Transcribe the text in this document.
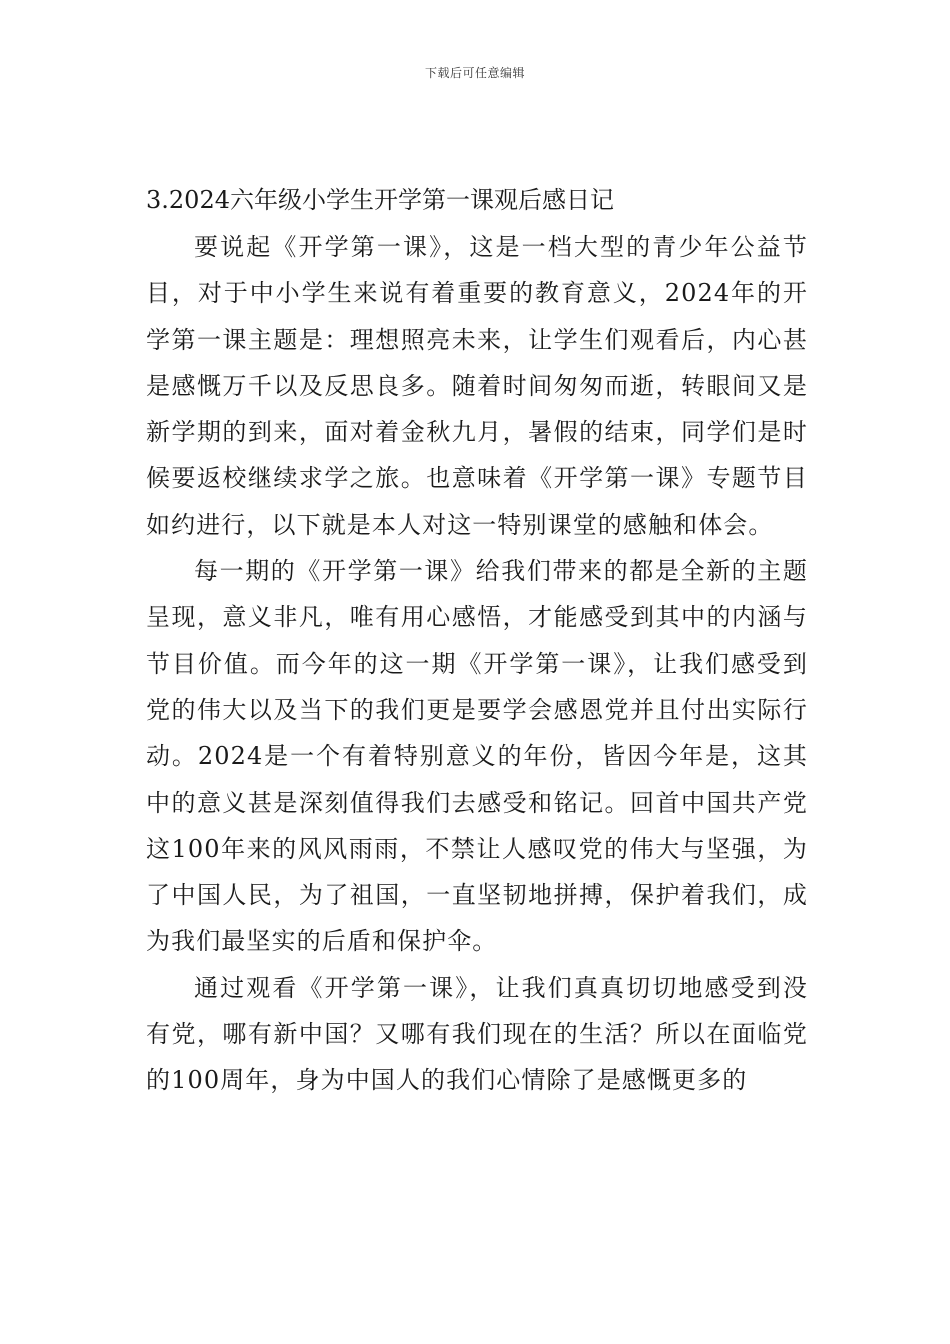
下载后可任意编辑
3.2024六年级小学生开学第一课观后感日记

要说起《开学第一课》，这是一档大型的青少年公益节目，对于中小学生来说有着重要的教育意义，2024年的开学第一课主题是：理想照亮未来，让学生们观看后，内心甚是感慨万千以及反思良多。随着时间匆匆而逝，转眼间又是新学期的到来，面对着金秋九月，暑假的结束，同学们是时候要返校继续求学之旅。也意味着《开学第一课》专题节目如约进行，以下就是本人对这一特别课堂的感触和体会。

每一期的《开学第一课》给我们带来的都是全新的主题呈现，意义非凡，唯有用心感悟，才能感受到其中的内涵与节目价值。而今年的这一期《开学第一课》，让我们感受到党的伟大以及当下的我们更是要学会感恩党并且付出实际行动。2024是一个有着特别意义的年份，皆因今年是，这其中的意义甚是深刻值得我们去感受和铭记。回首中国共产党这100年来的风风雨雨，不禁让人感叹党的伟大与坚强，为了中国人民，为了祖国，一直坚韧地拼搏，保护着我们，成为我们最坚实的后盾和保护伞。

通过观看《开学第一课》，让我们真真切切地感受到没有党，哪有新中国？又哪有我们现在的生活？所以在面临党的100周年，身为中国人的我们心情除了是感慨更多的
